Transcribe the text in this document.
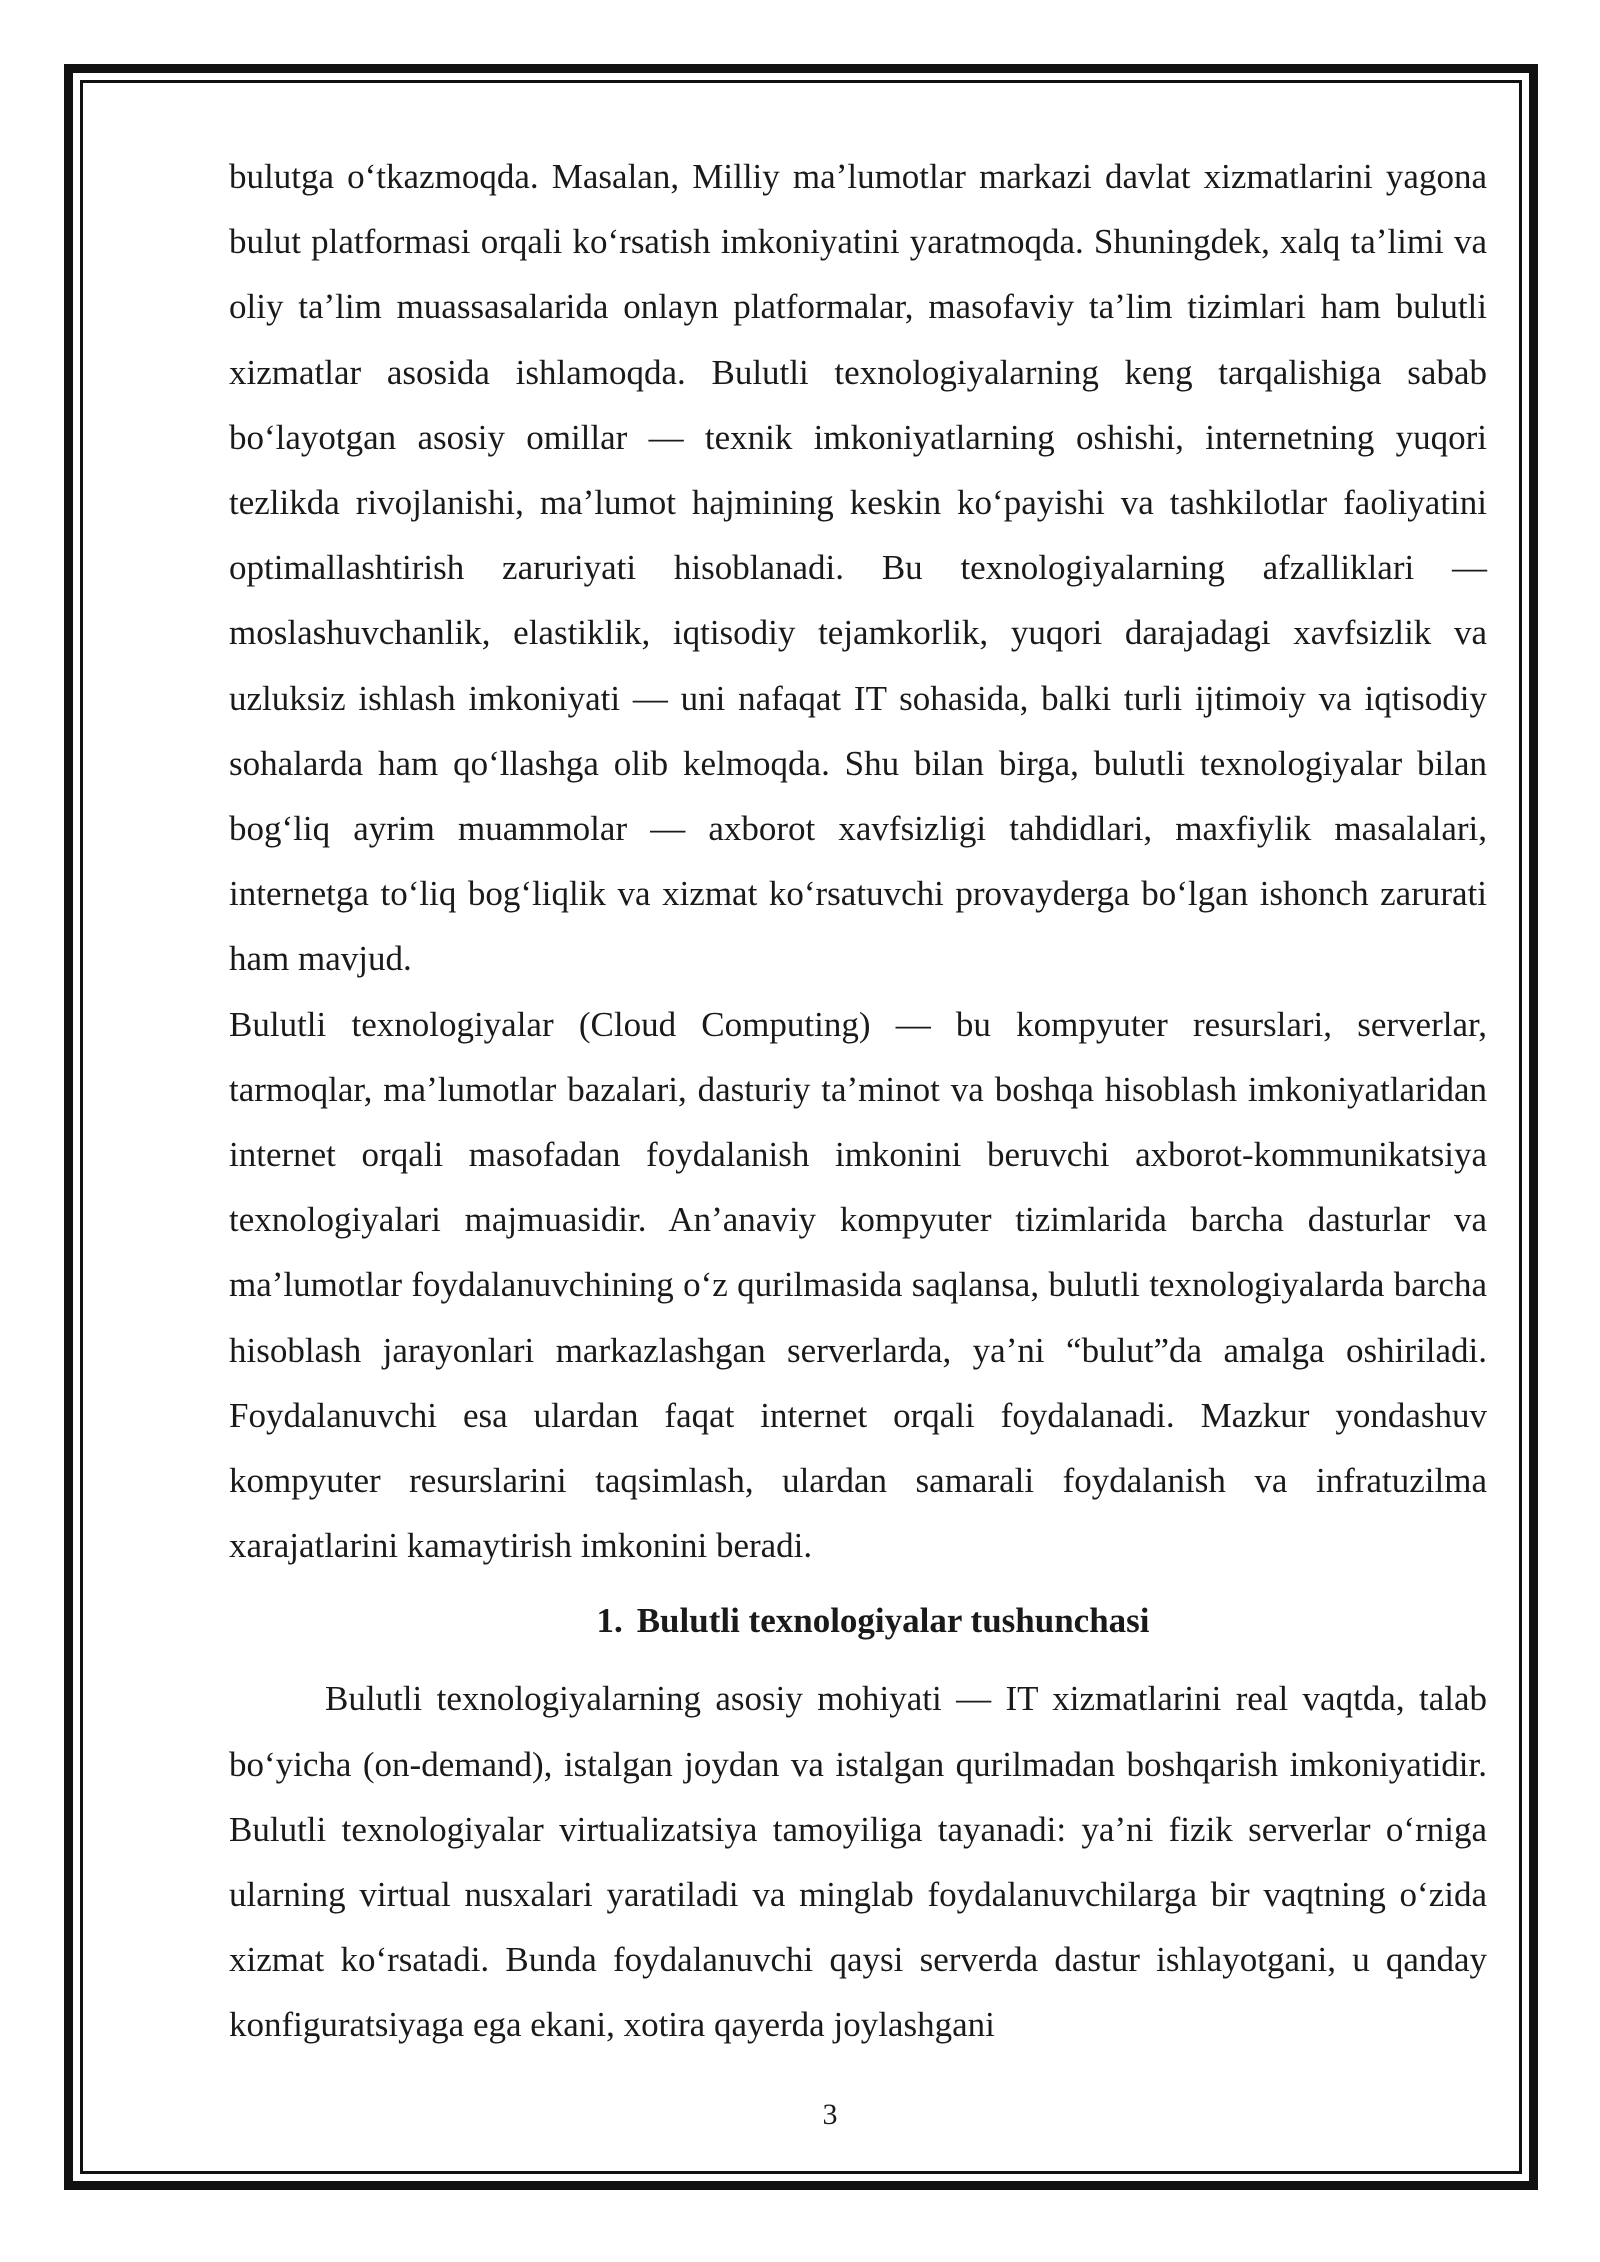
bulutga oʻtkazmoqda. Masalan, Milliy maʼlumotlar markazi davlat xizmatlarini yagona bulut platformasi orqali koʻrsatish imkoniyatini yaratmoqda. Shuningdek, xalq taʼlimi va oliy taʼlim muassasalarida onlayn platformalar, masofaviy taʼlim tizimlari ham bulutli xizmatlar asosida ishlamoqda. Bulutli texnologiyalarning keng tarqalishiga sabab boʻlayotgan asosiy omillar — texnik imkoniyatlarning oshishi, internetning yuqori tezlikda rivojlanishi, maʼlumot hajmining keskin koʻpayishi va tashkilotlar faoliyatini optimallashtirish zaruriyati hisoblanadi. Bu texnologiyalarning afzalliklari — moslashuvchanlik, elastiklik, iqtisodiy tejamkorlik, yuqori darajadagi xavfsizlik va uzluksiz ishlash imkoniyati — uni nafaqat IT sohasida, balki turli ijtimoiy va iqtisodiy sohalarda ham qoʻllashga olib kelmoqda. Shu bilan birga, bulutli texnologiyalar bilan bogʻliq ayrim muammolar — axborot xavfsizligi tahdidlari, maxfiylik masalalari, internetga toʻliq bogʻliqlik va xizmat koʻrsatuvchi provayderga boʻlgan ishonch zarurati ham mavjud.

Bulutli texnologiyalar (Cloud Computing) — bu kompyuter resurslari, serverlar, tarmoqlar, maʼlumotlar bazalari, dasturiy taʼminot va boshqa hisoblash imkoniyatlaridan internet orqali masofadan foydalanish imkonini beruvchi axborot-kommunikatsiya texnologiyalari majmuasidir. Anʼanaviy kompyuter tizimlarida barcha dasturlar va maʼlumotlar foydalanuvchining oʻz qurilmasida saqlansa, bulutli texnologiyalarda barcha hisoblash jarayonlari markazlashgan serverlarda, yaʼni “bulut”da amalga oshiriladi. Foydalanuvchi esa ulardan faqat internet orqali foydalanadi. Mazkur yondashuv kompyuter resurslarini taqsimlash, ulardan samarali foydalanish va infratuzilma xarajatlarini kamaytirish imkonini beradi.

1. Bulutli texnologiyalar tushunchasi

Bulutli texnologiyalarning asosiy mohiyati — IT xizmatlarini real vaqtda, talab boʻyicha (on-demand), istalgan joydan va istalgan qurilmadan boshqarish imkoniyatidir. Bulutli texnologiyalar virtualizatsiya tamoyiliga tayanadi: yaʼni fizik serverlar oʻrniga ularning virtual nusxalari yaratiladi va minglab foydalanuvchilarga bir vaqtning oʻzida xizmat koʻrsatadi. Bunda foydalanuvchi qaysi serverda dastur ishlayotgani, u qanday konfiguratsiyaga ega ekani, xotira qayerda joylashgani

3
